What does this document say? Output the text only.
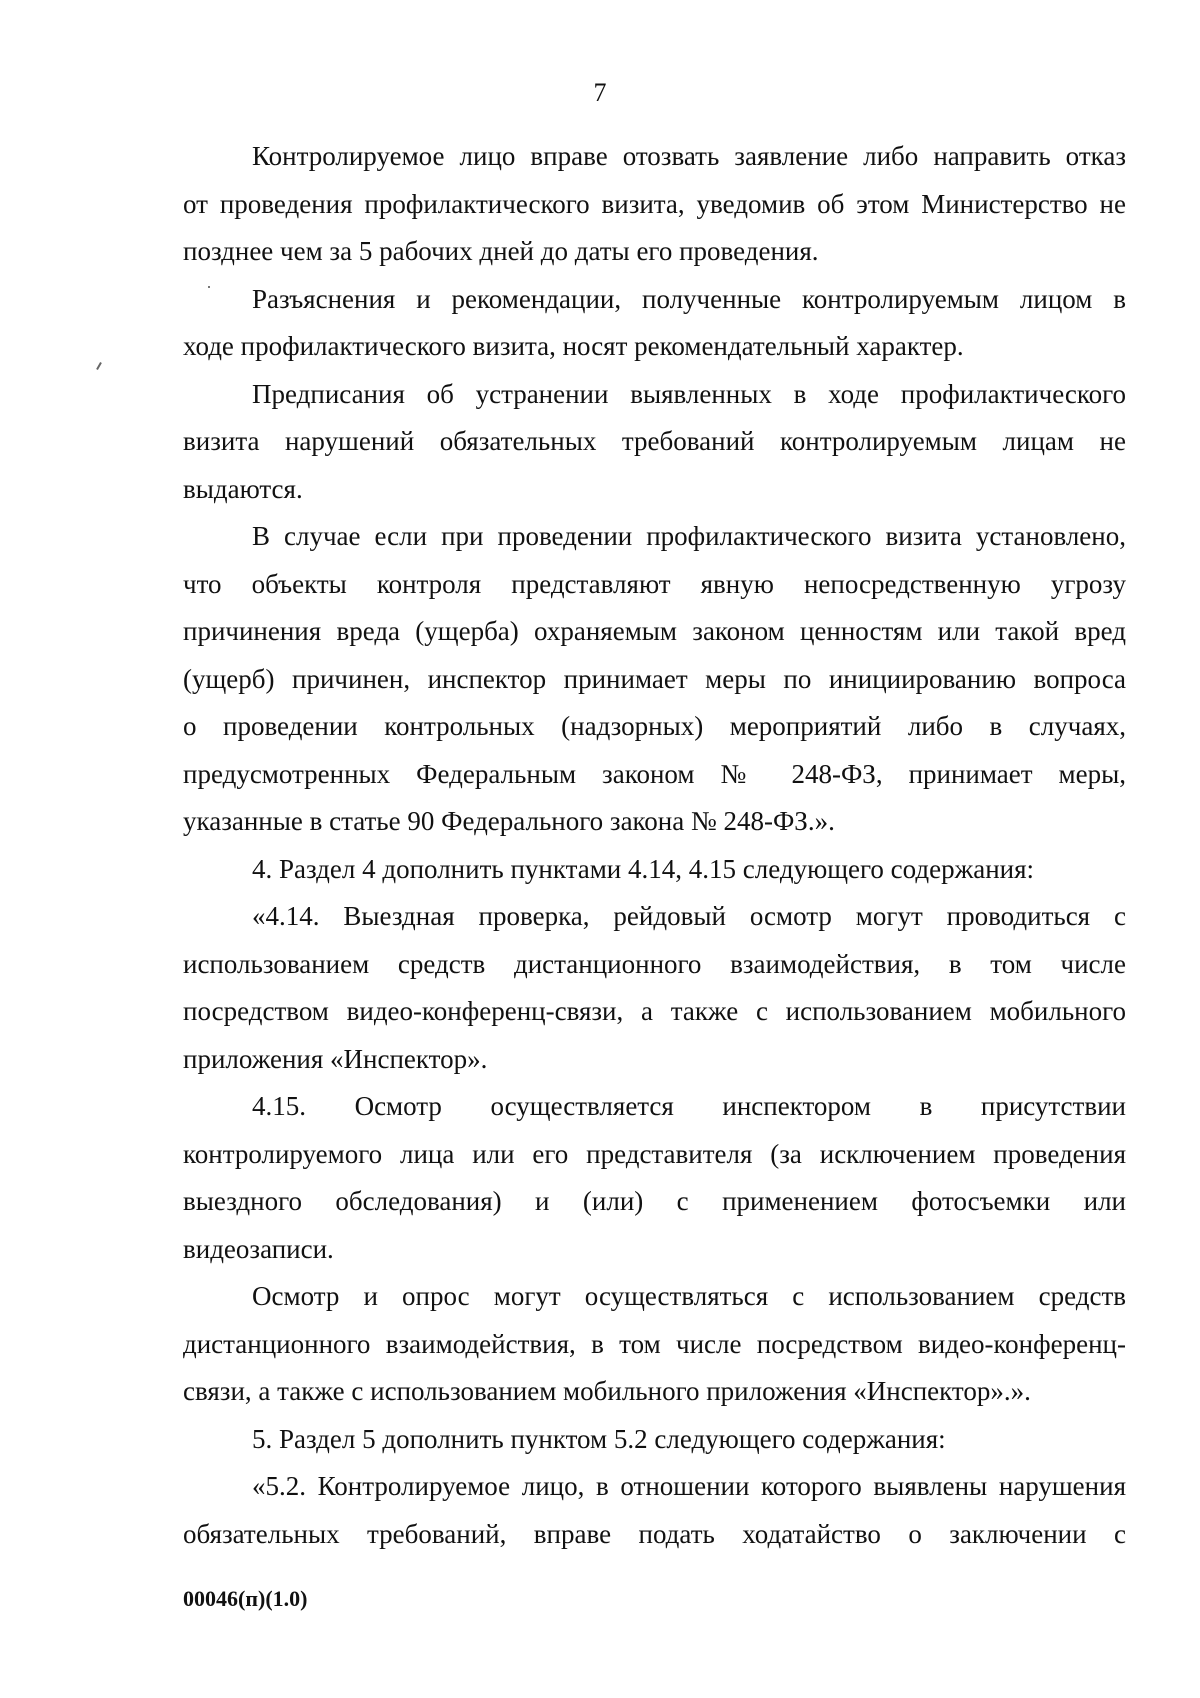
7

Контролируемое лицо вправе отозвать заявление либо направить отказ
от проведения профилактического визита, уведомив об этом Министерство не
позднее чем за 5 рабочих дней до даты его проведения.

Разъяснения и рекомендации, полученные контролируемым лицом в
ходе профилактического визита, носят рекомендательный характер.

Предписания об устранении выявленных в ходе профилактического
визита нарушений обязательных требований контролируемым лицам не
выдаются.

В случае если при проведении профилактического визита установлено,
что объекты контроля представляют явную непосредственную угрозу
причинения вреда (ущерба) охраняемым законом ценностям или такой вред
(ущерб) причинен, инспектор принимает меры по инициированию вопроса
о проведении контрольных (надзорных) мероприятий либо в случаях,
предусмотренных Федеральным законом № 248-ФЗ, принимает меры,
указанные в статье 90 Федерального закона № 248-ФЗ.».

4. Раздел 4 дополнить пунктами 4.14, 4.15 следующего содержания:

«4.14. Выездная проверка, рейдовый осмотр могут проводиться с
использованием средств дистанционного взаимодействия, в том числе
посредством видео-конференц-связи, а также с использованием мобильного
приложения «Инспектор».

4.15. Осмотр осуществляется инспектором в присутствии
контролируемого лица или его представителя (за исключением проведения
выездного обследования) и (или) с применением фотосъемки или
видеозаписи.

Осмотр и опрос могут осуществляться с использованием средств
дистанционного взаимодействия, в том числе посредством видео-конференц-
связи, а также с использованием мобильного приложения «Инспектор».».

5. Раздел 5 дополнить пунктом 5.2 следующего содержания:

«5.2. Контролируемое лицо, в отношении которого выявлены нарушения
обязательных требований, вправе подать ходатайство о заключении с

00046(п)(1.0)
